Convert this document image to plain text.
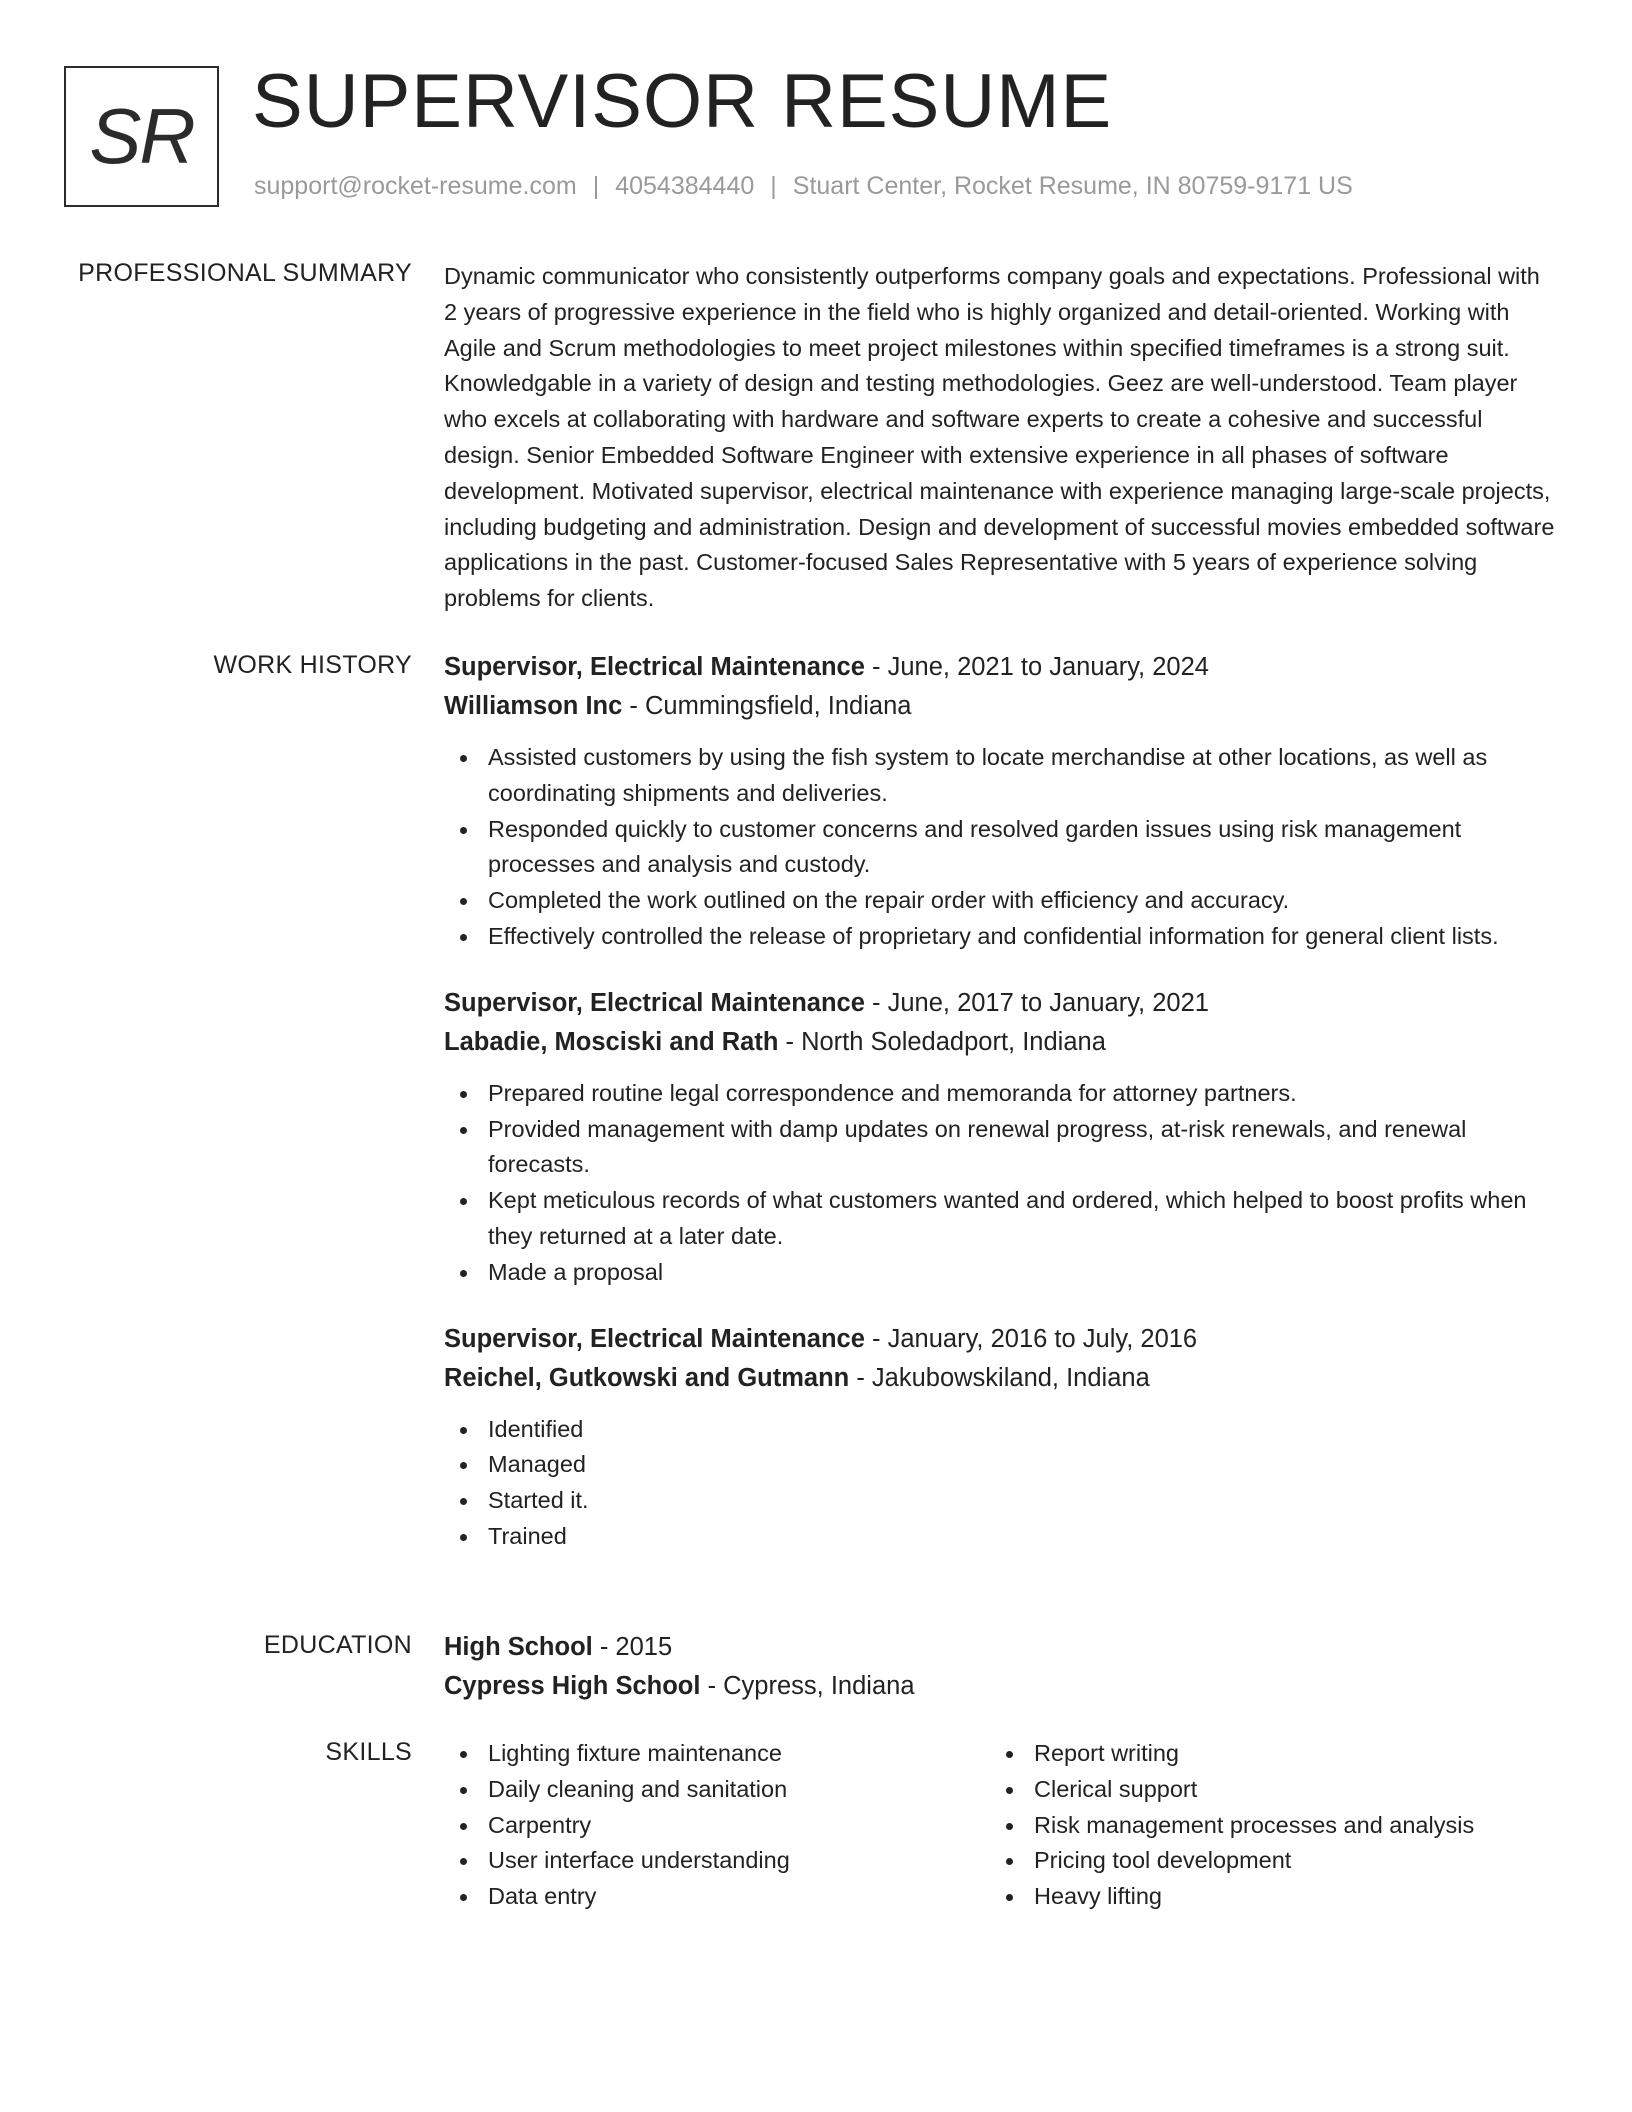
SR SUPERVISOR RESUME
support@rocket-resume.com | 4054384440 | Stuart Center, Rocket Resume, IN 80759-9171 US
PROFESSIONAL SUMMARY Dynamic communicator who consistently outperforms company goals and expectations. Professional with 2 years of progressive experience in the field who is highly organized and detail-oriented. Working with Agile and Scrum methodologies to meet project milestones within specified timeframes is a strong suit. Knowledgable in a variety of design and testing methodologies. Geez are well-understood. Team player who excels at collaborating with hardware and software experts to create a cohesive and successful design. Senior Embedded Software Engineer with extensive experience in all phases of software development. Motivated supervisor, electrical maintenance with experience managing large-scale projects, including budgeting and administration. Design and development of successful movies embedded software applications in the past. Customer-focused Sales Representative with 5 years of experience solving problems for clients.

WORK HISTORY Supervisor, Electrical Maintenance - June, 2021 to January, 2024
Williamson Inc - Cummingsfield, Indiana
Assisted customers by using the fish system to locate merchandise at other locations, as well as coordinating shipments and deliveries.
Responded quickly to customer concerns and resolved garden issues using risk management processes and analysis and custody.
Completed the work outlined on the repair order with efficiency and accuracy.
Effectively controlled the release of proprietary and confidential information for general client lists.
Supervisor, Electrical Maintenance - June, 2017 to January, 2021
Labadie, Mosciski and Rath - North Soledadport, Indiana
Prepared routine legal correspondence and memoranda for attorney partners.
Provided management with damp updates on renewal progress, at-risk renewals, and renewal forecasts.
Kept meticulous records of what customers wanted and ordered, which helped to boost profits when they returned at a later date.
Made a proposal
Supervisor, Electrical Maintenance - January, 2016 to July, 2016
Reichel, Gutkowski and Gutmann - Jakubowskiland, Indiana
Identified
Managed
Started it.
Trained
EDUCATION High School - 2015
Cypress High School - Cypress, Indiana
SKILLS	Lighting fixture maintenance
Daily cleaning and sanitation
Carpentry
User interface understanding
Data entry
Report writing
Clerical support
Risk management processes and analysis
Pricing tool development
Heavy lifting
